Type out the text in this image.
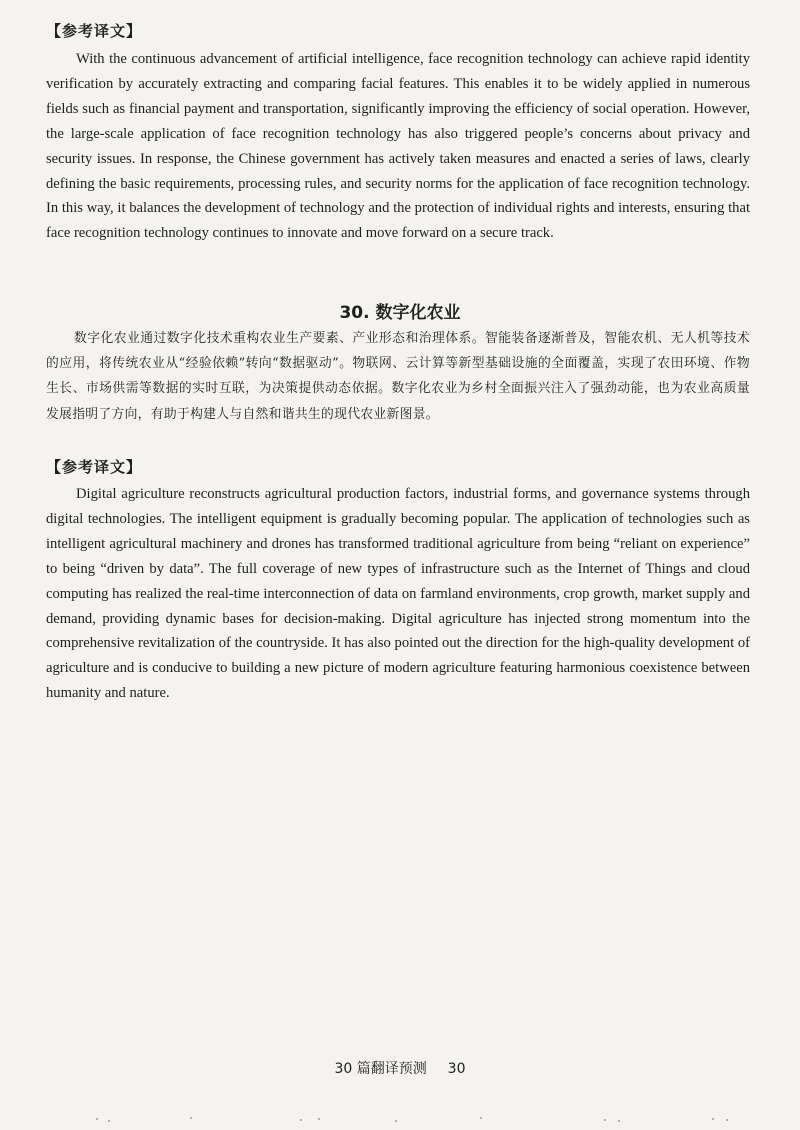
【参考译文】

With the continuous advancement of artificial intelligence, face recognition technology can achieve rapid identity verification by accurately extracting and comparing facial features. This enables it to be widely applied in numerous fields such as financial payment and transportation, significantly improving the efficiency of social operation. However, the large-scale application of face recognition technology has also triggered people’s concerns about privacy and security issues. In response, the Chinese government has actively taken measures and enacted a series of laws, clearly defining the basic requirements, processing rules, and security norms for the application of face recognition technology. In this way, it balances the development of technology and the protection of individual rights and interests, ensuring that face recognition technology continues to innovate and move forward on a secure track.

30. 数字化农业

数字化农业通过数字化技术重构农业生产要素、产业形态和治理体系。智能装备逐渐普及，智能农机、无人机等技术的应用，将传统农业从“经验依赖”转向“数据驱动”。物联网、云计算等新型基础设施的全面覆盖，实现了农田环境、作物生长、市场供需等数据的实时互联，为决策提供动态依据。数字化农业为乡村全面振兴注入了强劲动能，也为农业高质量发展指明了方向，有助于构建人与自然和谐共生的现代农业新图景。

【参考译文】

Digital agriculture reconstructs agricultural production factors, industrial forms, and governance systems through digital technologies. The intelligent equipment is gradually becoming popular. The application of technologies such as intelligent agricultural machinery and drones has transformed traditional agriculture from being “reliant on experience” to being “driven by data”. The full coverage of new types of infrastructure such as the Internet of Things and cloud computing has realized the real-time interconnection of data on farmland environments, crop growth, market supply and demand, providing dynamic bases for decision-making. Digital agriculture has injected strong momentum into the comprehensive revitalization of the countryside. It has also pointed out the direction for the high-quality development of agriculture and is conducive to building a new picture of modern agriculture featuring harmonious coexistence between humanity and nature.

30 篇翻译预测 30
